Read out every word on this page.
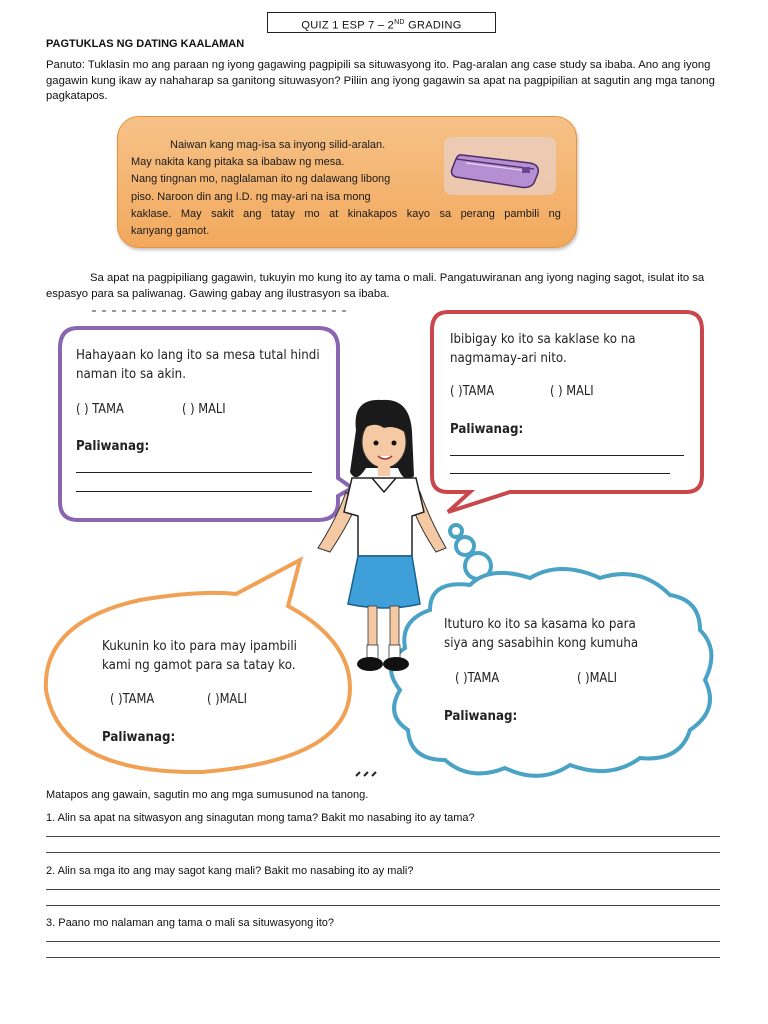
QUIZ 1 ESP 7 – 2ND GRADING
PAGTUKLAS NG DATING KAALAMAN
Panuto: Tuklasin mo ang paraan ng iyong gagawing pagpipili sa situwasyong ito. Pag-aralan ang case study sa ibaba. Ano ang iyong gagawin kung ikaw ay nahaharap sa ganitong situwasyon? Piliin ang iyong gagawin sa apat na pagpipilian at sagutin ang mga tanong pagkatapos.
Naiwan kang mag-isa sa inyong silid-aralan.
May nakita kang pitaka sa ibabaw ng mesa.
Nang tingnan mo, naglalaman ito ng dalawang libong
piso. Naroon din ang I.D. ng may-ari na isa mong
kaklase. May sakit ang tatay mo at kinakapos kayo sa perang pambili ng
kanyang gamot.
Sa apat na pagpipiliang gagawin, tukuyin mo kung ito ay tama o mali. Pangatuwiranan ang iyong naging sagot, isulat ito sa espasyo para sa paliwanag. Gawing gabay ang ilustrasyon sa ibaba.
Hahayaan ko lang ito sa mesa tutal hindi
naman ito sa akin.
( ) TAMA	( ) MALI
Paliwanag:
Ibibigay ko ito sa kaklase ko na
nagmamay-ari nito.
( )TAMA	( ) MALI
Paliwanag:
Kukunin ko ito para may ipambili
kami ng gamot para sa tatay ko.
( )TAMA	( )MALI
Paliwanag:
Ituturo ko ito sa kasama ko para
siya ang sasabihin kong kumuha
( )TAMA	( )MALI
Paliwanag:
Matapos ang gawain, sagutin mo ang mga sumusunod na tanong.
1. Alin sa apat na sitwasyon ang sinagutan mong tama? Bakit mo nasabing ito ay tama?
2. Alin sa mga ito ang may sagot kang mali? Bakit mo nasabing ito ay mali?
3. Paano mo nalaman ang tama o mali sa situwasyong ito?
